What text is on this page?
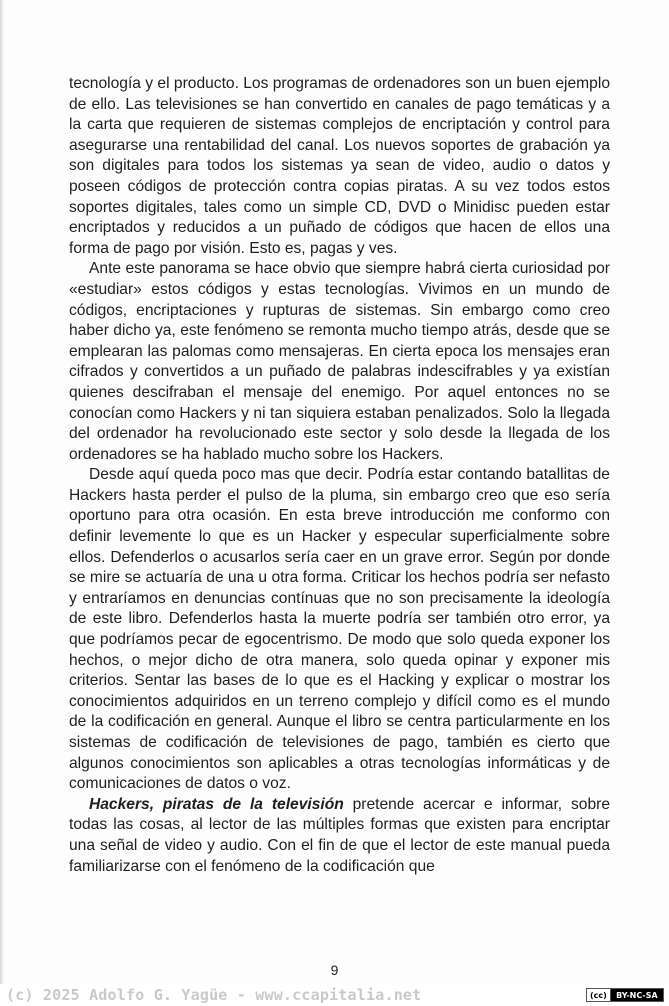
tecnología y el producto. Los programas de ordenadores son un buen ejemplo de ello. Las televisiones se han convertido en canales de pago temáticas y a la carta que requieren de sistemas complejos de encriptación y control para asegurarse una rentabilidad del canal. Los nuevos soportes de grabación ya son digitales para todos los sistemas ya sean de video, audio o datos y poseen códigos de protección contra copias piratas. A su vez todos estos soportes digitales, tales como un simple CD, DVD o Minidisc pueden estar encriptados y reducidos a un puñado de códigos que hacen de ellos una forma de pago por visión. Esto es, pagas y ves.

Ante este panorama se hace obvio que siempre habrá cierta curiosidad por «estudiar» estos códigos y estas tecnologías. Vivimos en un mundo de códigos, encriptaciones y rupturas de sistemas. Sin embargo como creo haber dicho ya, este fenómeno se remonta mucho tiempo atrás, desde que se emplearan las palomas como mensajeras. En cierta epoca los mensajes eran cifrados y convertidos a un puñado de palabras indescifrables y ya existían quienes descifraban el mensaje del enemigo. Por aquel entonces no se conocían como Hackers y ni tan siquiera estaban penalizados. Solo la llegada del ordenador ha revolucionado este sector y solo desde la llegada de los ordenadores se ha hablado mucho sobre los Hackers.

Desde aquí queda poco mas que decir. Podría estar contando batallitas de Hackers hasta perder el pulso de la pluma, sin embargo creo que eso sería oportuno para otra ocasión. En esta breve introducción me conformo con definir levemente lo que es un Hacker y especular superficialmente sobre ellos. Defenderlos o acusarlos sería caer en un grave error. Según por donde se mire se actuaría de una u otra forma. Criticar los hechos podría ser nefasto y entraríamos en denuncias contínuas que no son precisamente la ideología de este libro. Defenderlos hasta la muerte podría ser también otro error, ya que podríamos pecar de egocentrismo. De modo que solo queda exponer los hechos, o mejor dicho de otra manera, solo queda opinar y exponer mis criterios. Sentar las bases de lo que es el Hacking y explicar o mostrar los conocimientos adquiridos en un terreno complejo y difícil como es el mundo de la codificación en general. Aunque el libro se centra particularmente en los sistemas de codificación de televisiones de pago, también es cierto que algunos conocimientos son aplicables a otras tecnologías informáticas y de comunicaciones de datos o voz.

Hackers, piratas de la televisión pretende acercar e informar, sobre todas las cosas, al lector de las múltiples formas que existen para encriptar una señal de video y audio. Con el fin de que el lector de este manual pueda familiarizarse con el fenómeno de la codificación que

9
(c) 2025 Adolfo G. Yagüe - www.ccapitalia.net	(cc)	BY-NC-SA
